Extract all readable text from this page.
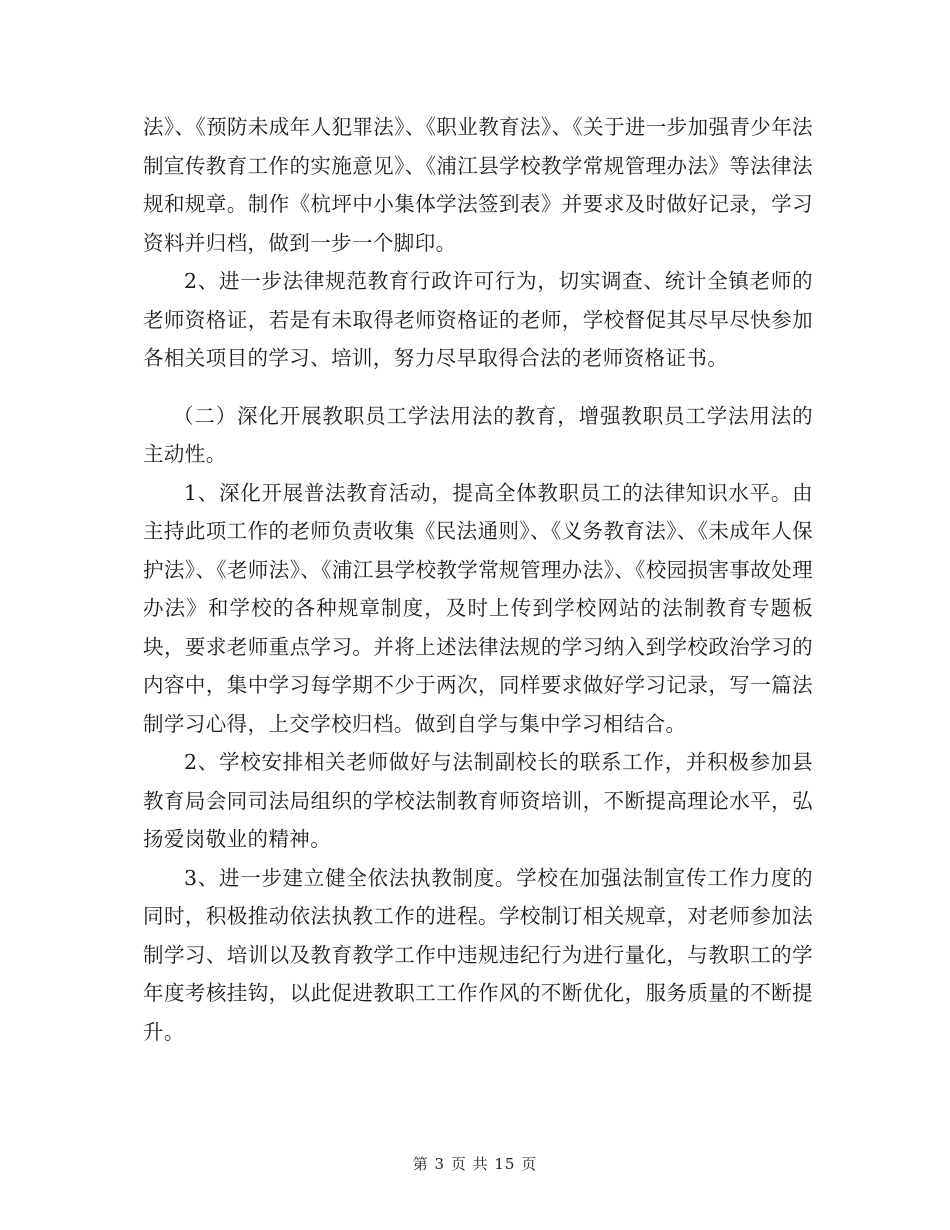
法》、《预防未成年人犯罪法》、《职业教育法》、《关于进一步加强青少年法制宣传教育工作的实施意见》、《浦江县学校教学常规管理办法》等法律法规和规章。制作《杭坪中小集体学法签到表》并要求及时做好记录，学习资料并归档，做到一步一个脚印。

2、进一步法律规范教育行政许可行为，切实调查、统计全镇老师的老师资格证，若是有未取得老师资格证的老师，学校督促其尽早尽快参加各相关项目的学习、培训，努力尽早取得合法的老师资格证书。

（二）深化开展教职员工学法用法的教育，增强教职员工学法用法的主动性。

1、深化开展普法教育活动，提高全体教职员工的法律知识水平。由主持此项工作的老师负责收集《民法通则》、《义务教育法》、《未成年人保护法》、《老师法》、《浦江县学校教学常规管理办法》、《校园损害事故处理办法》和学校的各种规章制度，及时上传到学校网站的法制教育专题板块，要求老师重点学习。并将上述法律法规的学习纳入到学校政治学习的内容中，集中学习每学期不少于两次，同样要求做好学习记录，写一篇法制学习心得，上交学校归档。做到自学与集中学习相结合。

2、学校安排相关老师做好与法制副校长的联系工作，并积极参加县教育局会同司法局组织的学校法制教育师资培训，不断提高理论水平，弘扬爱岗敬业的精神。

3、进一步建立健全依法执教制度。学校在加强法制宣传工作力度的同时，积极推动依法执教工作的进程。学校制订相关规章，对老师参加法制学习、培训以及教育教学工作中违规违纪行为进行量化，与教职工的学年度考核挂钩，以此促进教职工工作作风的不断优化，服务质量的不断提升。

第 3 页 共 15 页
